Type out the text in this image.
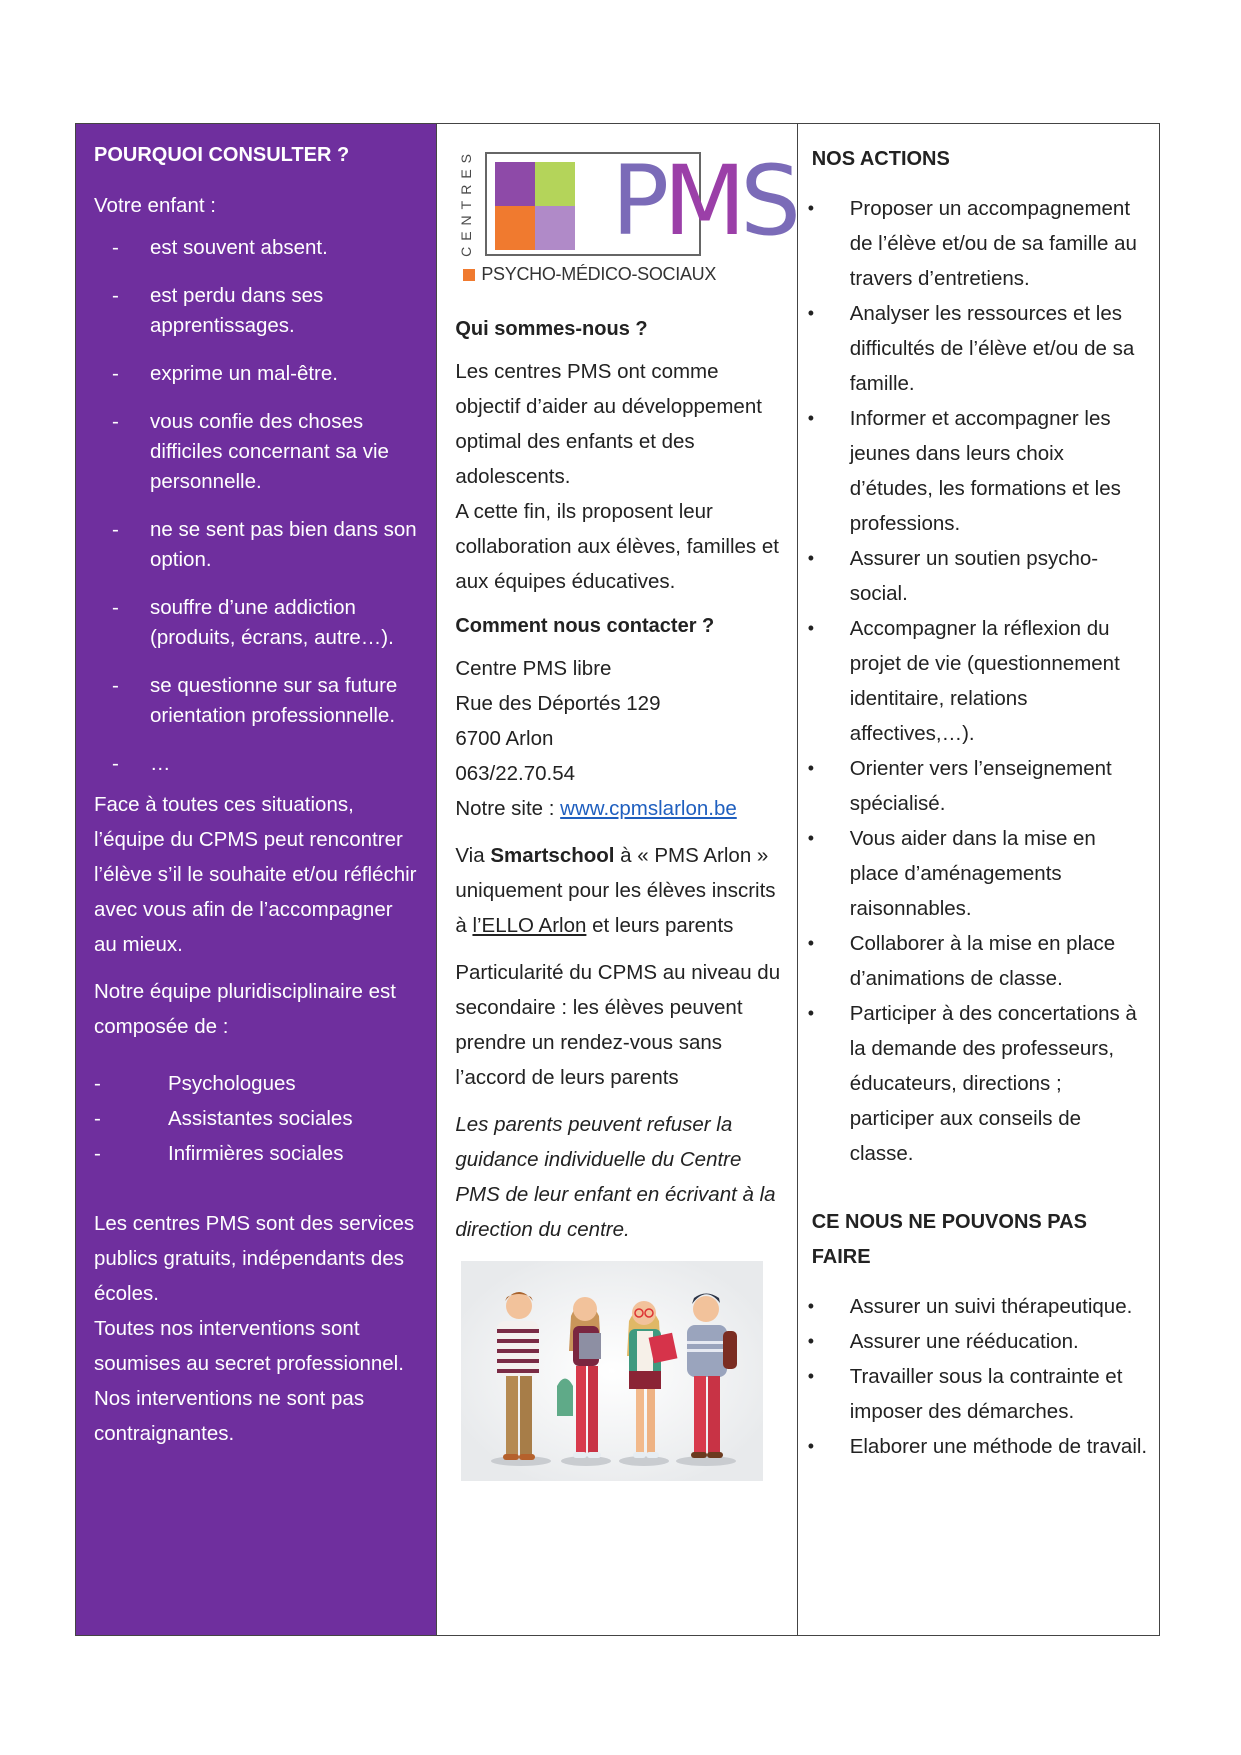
POURQUOI CONSULTER ?

Votre enfant :

- est souvent absent.
- est perdu dans ses apprentissages.
- exprime un mal-être.
- vous confie des choses difficiles concernant sa vie personnelle.
- ne se sent pas bien dans son option.
- souffre d’une addiction (produits, écrans, autre…).
- se questionne sur sa future orientation professionnelle.
- …

Face à toutes ces situations, l’équipe du CPMS peut rencontrer l’élève s’il le souhaite et/ou réfléchir avec vous afin de l’accompagner au mieux.

Notre équipe pluridisciplinaire est composée de :

-	Psychologues
-	Assistantes sociales
-	Infirmières sociales

Les centres PMS sont des services publics gratuits, indépendants des écoles.

Toutes nos interventions sont soumises au secret professionnel.

Nos interventions ne sont pas contraignantes.

CENTRES PMS
PSYCHO-MÉDICO-SOCIAUX
Qui sommes-nous ?

Les centres PMS ont comme objectif d’aider au développement optimal des enfants et des adolescents.

A cette fin, ils proposent leur collaboration aux élèves, familles et aux équipes éducatives.

Comment nous contacter ?
Centre PMS libre
Rue des Déportés 129
6700 Arlon
063/22.70.54
Notre site : www.cpmslarlon.be

Via Smartschool à « PMS Arlon » uniquement pour les élèves inscrits à l’ELLO Arlon et leurs parents

Particularité du CPMS au niveau du secondaire : les élèves peuvent prendre un rendez-vous sans l’accord de leurs parents

Les parents peuvent refuser la guidance individuelle du Centre PMS de leur enfant en écrivant à la direction du centre.

NOS ACTIONS
• Proposer un accompagnement de l’élève et/ou de sa famille au travers d’entretiens.
• Analyser les ressources et les difficultés de l’élève et/ou de sa famille.
• Informer et accompagner les jeunes dans leurs choix d’études, les formations et les professions.
• Assurer un soutien psycho-social.
• Accompagner la réflexion du projet de vie (questionnement identitaire, relations affectives,…).
• Orienter vers l’enseignement spécialisé.
• Vous aider dans la mise en place d’aménagements raisonnables.
• Collaborer à la mise en place d’animations de classe.
• Participer à des concertations à la demande des professeurs, éducateurs, directions ; participer aux conseils de classe.
CE NOUS NE POUVONS PAS FAIRE
• Assurer un suivi thérapeutique.
• Assurer une rééducation.
• Travailler sous la contrainte et imposer des démarches.
• Elaborer une méthode de travail.
